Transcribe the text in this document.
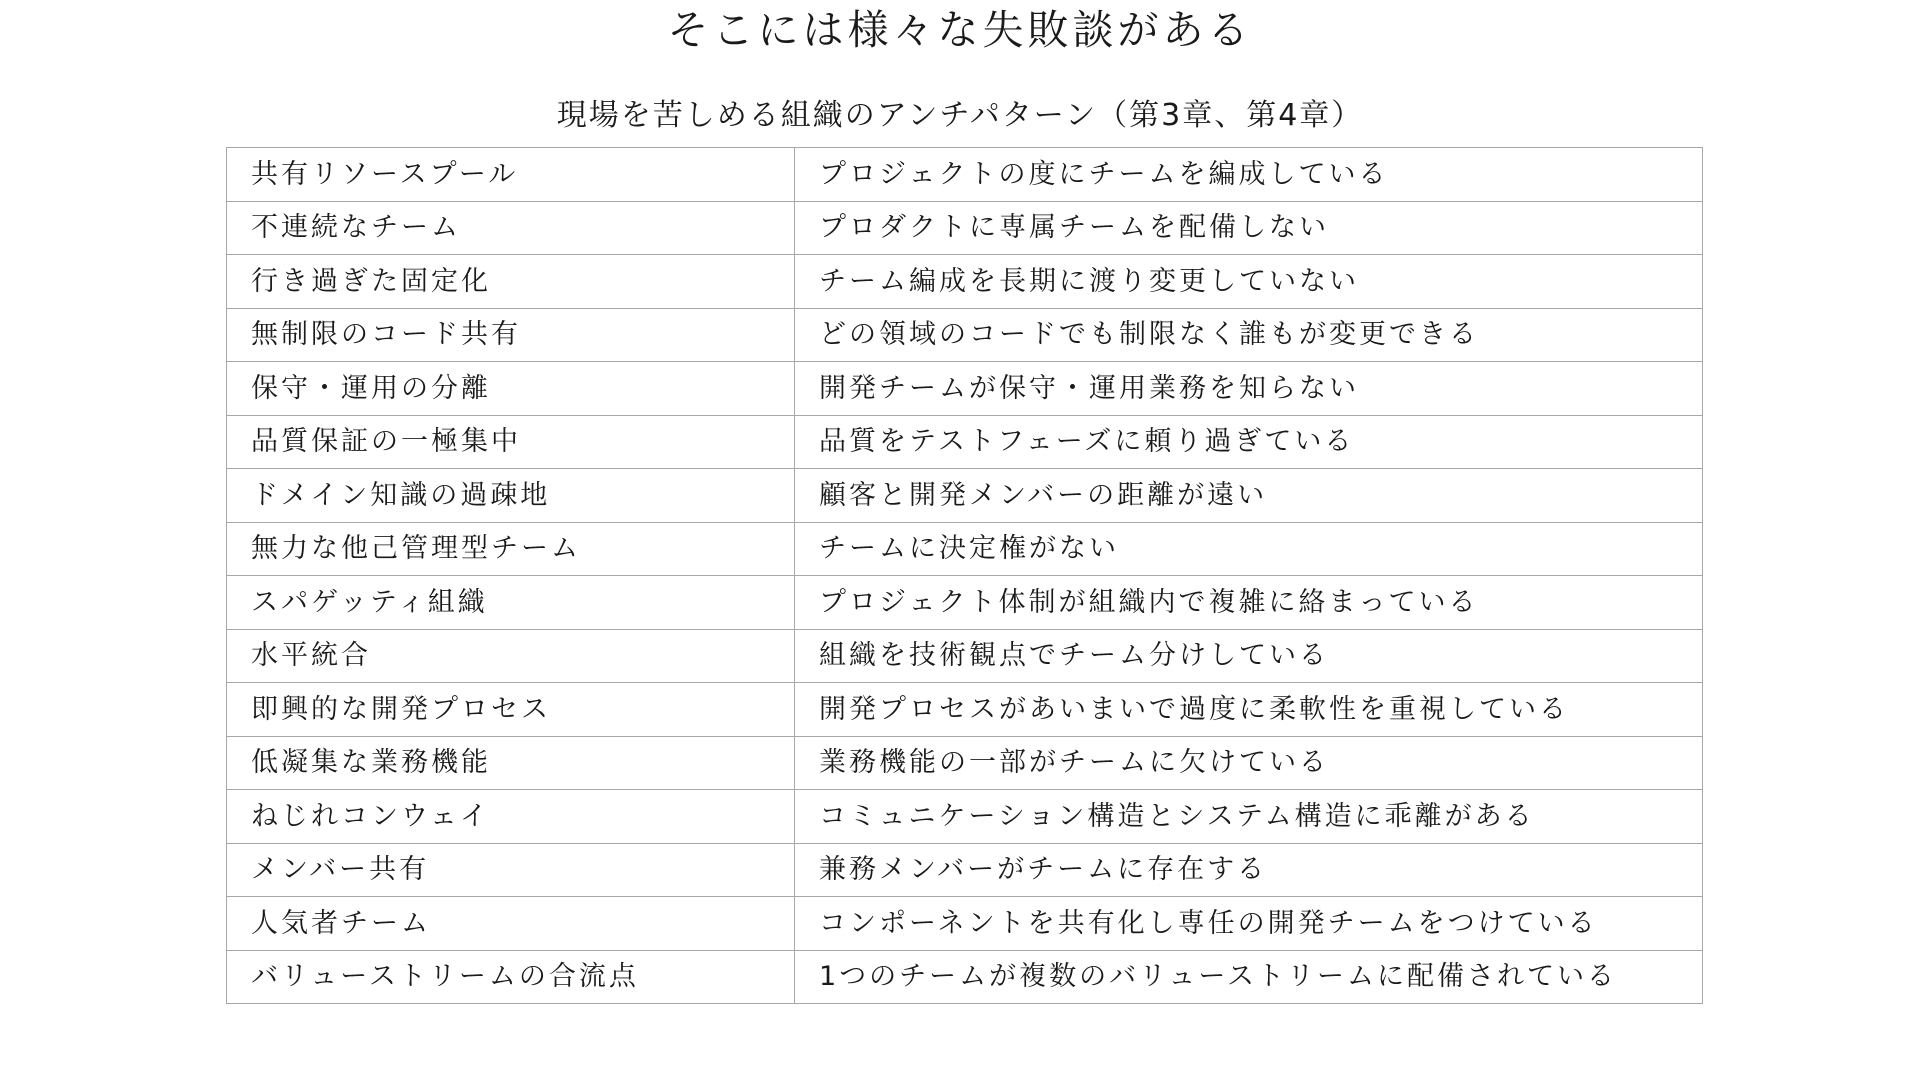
そこには様々な失敗談がある
現場を苦しめる組織のアンチパターン（第3章、第4章）
共有リソースプール	プロジェクトの度にチームを編成している
不連続なチーム	プロダクトに専属チームを配備しない
行き過ぎた固定化	チーム編成を長期に渡り変更していない
無制限のコード共有	どの領域のコードでも制限なく誰もが変更できる
保守・運用の分離	開発チームが保守・運用業務を知らない
品質保証の一極集中	品質をテストフェーズに頼り過ぎている
ドメイン知識の過疎地	顧客と開発メンバーの距離が遠い
無力な他己管理型チーム	チームに決定権がない
スパゲッティ組織	プロジェクト体制が組織内で複雑に絡まっている
水平統合	組織を技術観点でチーム分けしている
即興的な開発プロセス	開発プロセスがあいまいで過度に柔軟性を重視している
低凝集な業務機能	業務機能の一部がチームに欠けている
ねじれコンウェイ	コミュニケーション構造とシステム構造に乖離がある
メンバー共有	兼務メンバーがチームに存在する
人気者チーム	コンポーネントを共有化し専任の開発チームをつけている
バリューストリームの合流点	1つのチームが複数のバリューストリームに配備されている
